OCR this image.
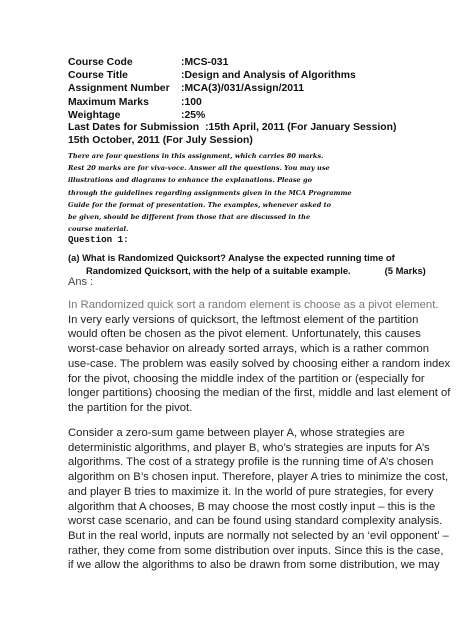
Course Code	:MCS-031
Course Title	:Design and Analysis of Algorithms
Assignment Number	:MCA(3)/031/Assign/2011
Maximum Marks	:100
Weightage	:25%
Last Dates for Submission :15th April, 2011 (For January Session)
15th October, 2011 (For July Session)
There are four questions in this assignment, which carries 80 marks.
Rest 20 marks are for viva-voce. Answer all the questions. You may use
illustrations and diagrams to enhance the explanations. Please go
through the guidelines regarding assignments given in the MCA Programme
Guide for the format of presentation. The examples, whenever asked to
be given, should be different from those that are discussed in the
course material.
Question 1:
(a) What is Randomized Quicksort? Analyse the expected running time of
Randomized Quicksort, with the help of a suitable example.	(5 Marks)
Ans :
In Randomized quick sort a random element is choose as a pivot element.
In very early versions of quicksort, the leftmost element of the partition
would often be chosen as the pivot element. Unfortunately, this causes
worst-case behavior on already sorted arrays, which is a rather common
use-case. The problem was easily solved by choosing either a random index
for the pivot, choosing the middle index of the partition or (especially for
longer partitions) choosing the median of the first, middle and last element of
the partition for the pivot.
Consider a zero-sum game between player A, whose strategies are
deterministic algorithms, and player B, who’s strategies are inputs for A’s
algorithms. The cost of a strategy profile is the running time of A’s chosen
algorithm on B’s chosen input. Therefore, player A tries to minimize the cost,
and player B tries to maximize it. In the world of pure strategies, for every
algorithm that A chooses, B may choose the most costly input – this is the
worst case scenario, and can be found using standard complexity analysis.
But in the real world, inputs are normally not selected by an ‘evil opponent’ –
rather, they come from some distribution over inputs. Since this is the case,
if we allow the algorithms to also be drawn from some distribution, we may
